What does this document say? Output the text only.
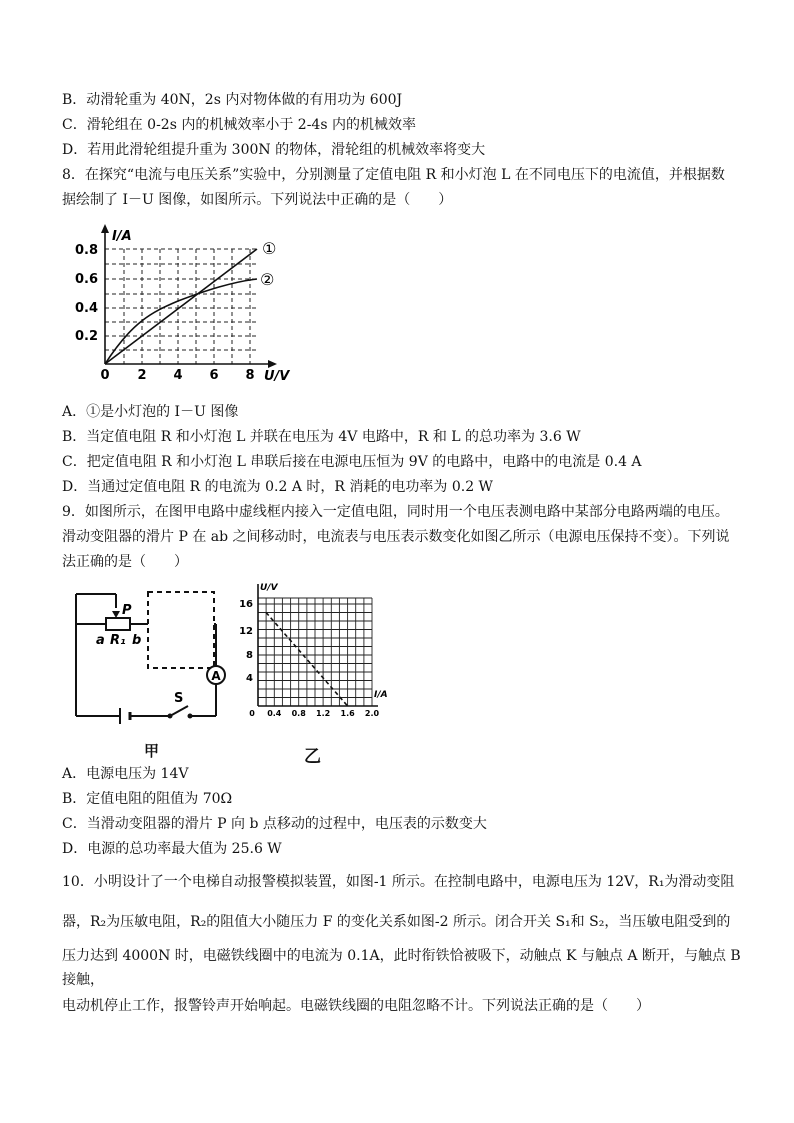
B．动滑轮重为 40N，2s 内对物体做的有用功为 600J
C．滑轮组在 0-2s 内的机械效率小于 2-4s 内的机械效率
D．若用此滑轮组提升重为 300N 的物体，滑轮组的机械效率将变大
8．在探究“电流与电压关系”实验中，分别测量了定值电阻 R 和小灯泡 L 在不同电压下的电流值，并根据数
据绘制了 I－U 图像，如图所示。下列说法中正确的是（　　）
0.8
0.6
0.4
0.2
0 2 4 6 8
I/A
U/V
①
②
A．①是小灯泡的 I－U 图像
B．当定值电阻 R 和小灯泡 L 并联在电压为 4V 电路中，R 和 L 的总功率为 3.6 W
C．把定值电阻 R 和小灯泡 L 串联后接在电源电压恒为 9V 的电路中，电路中的电流是 0.4 A
D．当通过定值电阻 R 的电流为 0.2 A 时，R 消耗的电功率为 0.2 W
9．如图所示，在图甲电路中虚线框内接入一定值电阻，同时用一个电压表测电路中某部分电路两端的电压。
滑动变阻器的滑片 P 在 ab 之间移动时，电流表与电压表示数变化如图乙所示（电源电压保持不变）。下列说
法正确的是（　　）
A
P
a R₁ b
S
U/V
I/A
16
12
8
4
0 0.4 0.8 1.2 1.6 2.0
甲	乙
A．电源电压为 14V
B．定值电阻的阻值为 70Ω
C．当滑动变阻器的滑片 P 向 b 点移动的过程中，电压表的示数变大
D．电源的总功率最大值为 25.6 W
10．小明设计了一个电梯自动报警模拟装置，如图-1 所示。在控制电路中，电源电压为 12V，R₁为滑动变阻
器，R₂为压敏电阻，R₂的阻值大小随压力 F 的变化关系如图-2 所示。闭合开关 S₁和 S₂，当压敏电阻受到的
压力达到 4000N 时，电磁铁线圈中的电流为 0.1A，此时衔铁恰被吸下，动触点 K 与触点 A 断开，与触点 B
接触，
电动机停止工作，报警铃声开始响起。电磁铁线圈的电阻忽略不计。下列说法正确的是（　　）
